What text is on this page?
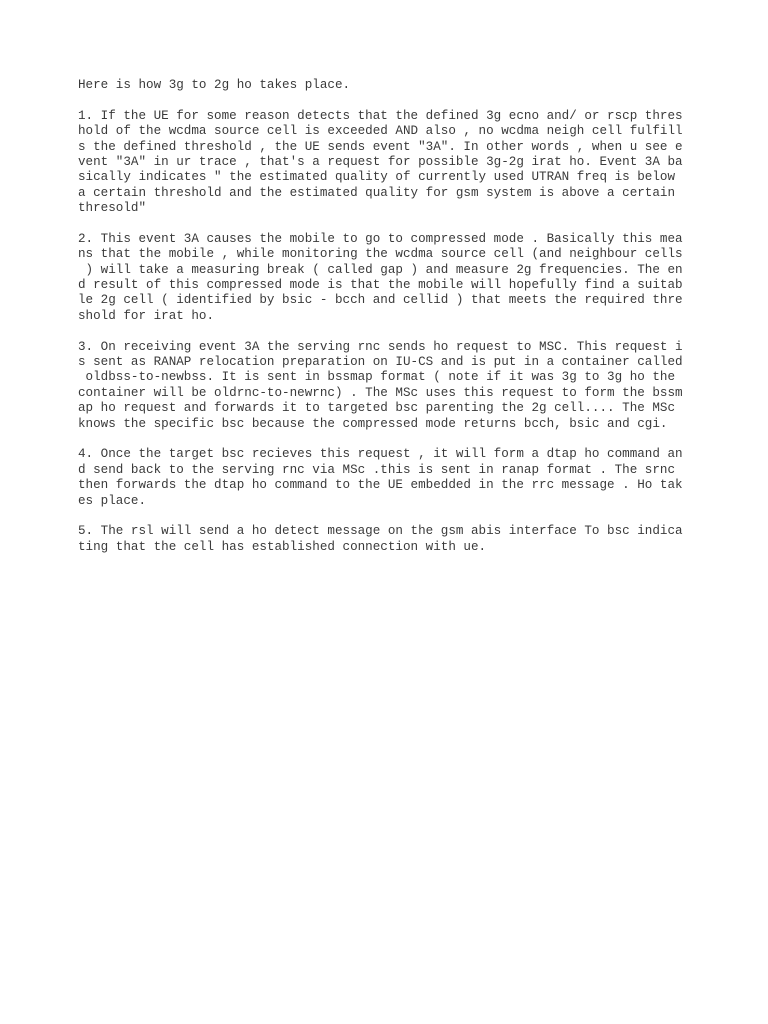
Here is how 3g to 2g ho takes place.
1. If the UE for some reason detects that the defined 3g ecno and/ or rscp thres
hold of the wcdma source cell is exceeded AND also , no wcdma neigh cell fulfill
s the defined threshold , the UE sends event "3A". In other words , when u see e
vent "3A" in ur trace , that's a request for possible 3g-2g irat ho. Event 3A ba
sically indicates " the estimated quality of currently used UTRAN freq is below
a certain threshold and the estimated quality for gsm system is above a certain
thresold"
2. This event 3A causes the mobile to go to compressed mode . Basically this mea
ns that the mobile , while monitoring the wcdma source cell (and neighbour cells
) will take a measuring break ( called gap ) and measure 2g frequencies. The en
d result of this compressed mode is that the mobile will hopefully find a suitab
le 2g cell ( identified by bsic - bcch and cellid ) that meets the required thre
shold for irat ho.
3. On receiving event 3A the serving rnc sends ho request to MSC. This request i
s sent as RANAP relocation preparation on IU-CS and is put in a container called
oldbss-to-newbss. It is sent in bssmap format ( note if it was 3g to 3g ho the
container will be oldrnc-to-newrnc) . The MSc uses this request to form the bssm
ap ho request and forwards it to targeted bsc parenting the 2g cell.... The MSc
knows the specific bsc because the compressed mode returns bcch, bsic and cgi.
4. Once the target bsc recieves this request , it will form a dtap ho command an
d send back to the serving rnc via MSc .this is sent in ranap format . The srnc
then forwards the dtap ho command to the UE embedded in the rrc message . Ho tak
es place.
5. The rsl will send a ho detect message on the gsm abis interface To bsc indica
ting that the cell has established connection with ue.
